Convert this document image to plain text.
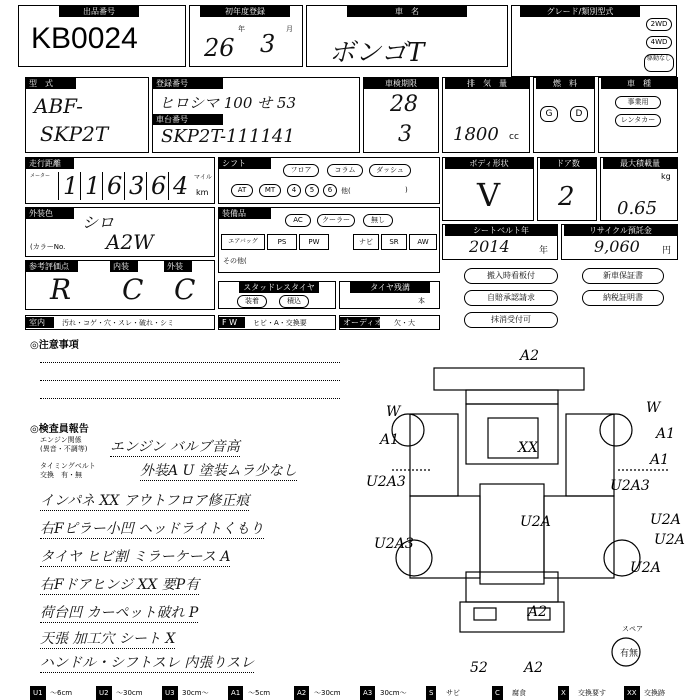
出品番号
KB0024
初年度登録
年	月
26 3
車　名
ボンゴT
グレード/類別型式
2WD
4WD
駆動なし
型　式
ABF-
SKP2T
登録番号
ヒロシマ 100 せ 53
車台番号
SKP2T-111141
車検期限
28
3
排　気　量
1800 cc
燃　料
G	D
車　種
事業用
レンタカー
走行距離
メーター 1 1 6 3 6 4 マイル
km
シフト
フロア	コラム	ダッシュ
AT	MT	4	5	6	他(	)
ボディ形状
V
ドア数
2
最大積載量
kg
0.65
外装色	シロ
(カラーNo. A2W
装備品
AC	クーラー	無し
エアバッグ	PS	PW	ナビ	SR	AW
その他(
シートベルト年
2014	年
リサイクル預託金
9,060 円
参考評価点	内装	外装
R C C	スタッドレスタイヤ
装着	積込
タイヤ残溝
本
搬入時看板付
自賠承認請求
抹消受付可
新車保証書
納税証明書
室内	汚れ・コゲ・穴・スレ・破れ・シミ	F W	ヒビ・A・交換要	オーディオ 欠・大
◎注意事項
◎検査員報告
エンジン関係
(異音・不調等)
タイミングベルト
交換　有・無
エンジン バルブ音高
外装A U 塗装ムラ少なし
インパネ XX アウトフロア修正痕
右Fピラー小凹 ヘッドライトくもり
タイヤ ヒビ割 ミラーケース A
右Fドアヒンジ XX 要P有
荷台凹 カーペット破れ P
天張 加工穴 シート X
ハンドル・シフトスレ 内張りスレ
A2
W	W
A1	A1
XX
U2A
U2A3
U2A3
U2A3
A1
U2A
U2A
U2A
A2
52	A2
スペア
有無
U1	～6cm	U2	～30cm	U3	30cm～	A1	～5cm	A2	～30cm	A3	30cm～	S	サビ	C	腐食	X	交換要す	XX	交換跡
